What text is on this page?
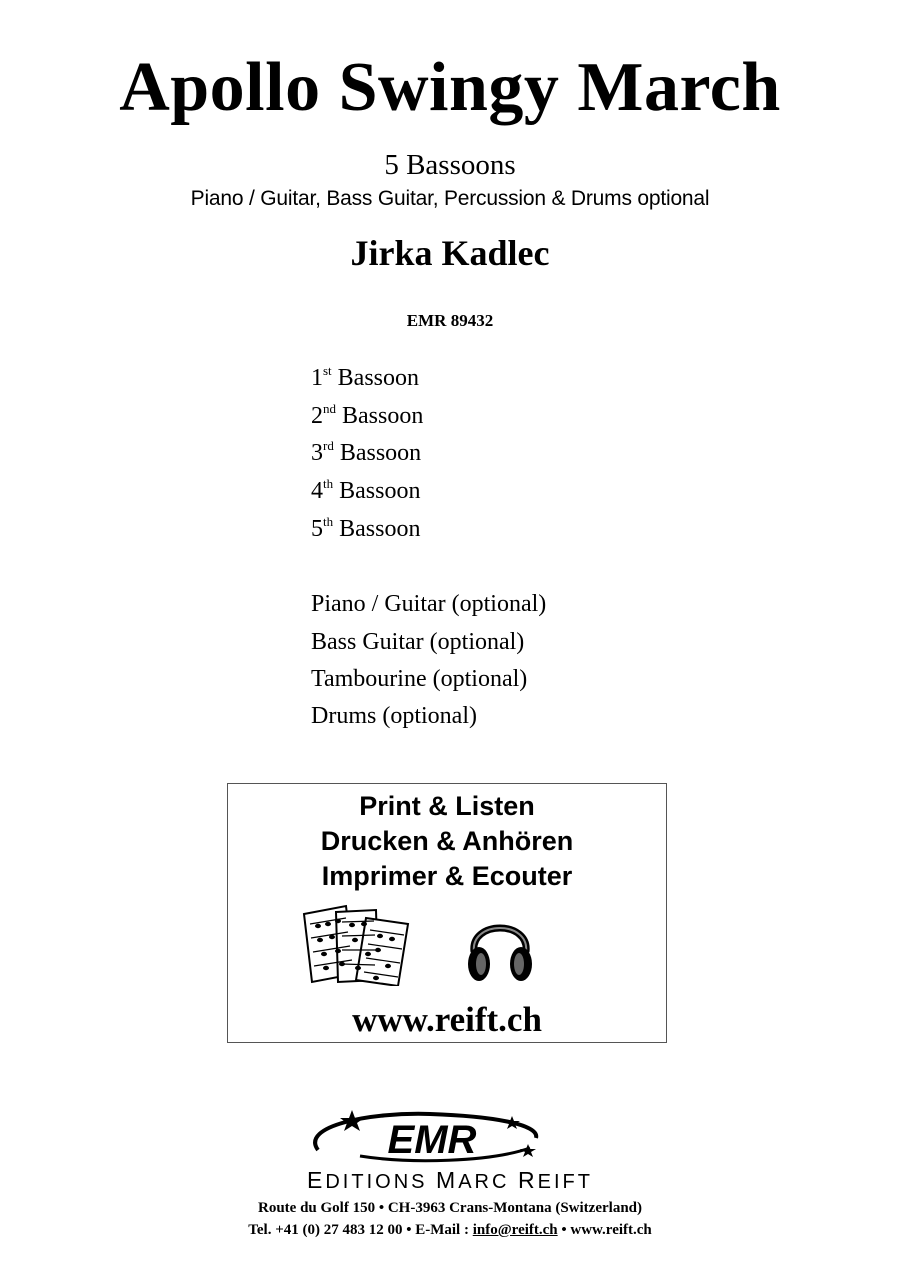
Apollo Swingy March
5 Bassoons
Piano / Guitar, Bass Guitar, Percussion & Drums optional
Jirka Kadlec
EMR 89432
1st Bassoon
2nd Bassoon
3rd Bassoon
4th Bassoon
5th Bassoon
Piano / Guitar (optional)
Bass Guitar (optional)
Tambourine (optional)
Drums (optional)
Print & Listen
Drucken & Anhören
Imprimer & Ecouter
www.reift.ch
EMR
EDITIONS MARC REIFT
Route du Golf 150 • CH-3963 Crans-Montana (Switzerland)
Tel. +41 (0) 27 483 12 00 • E-Mail : info@reift.ch • www.reift.ch
